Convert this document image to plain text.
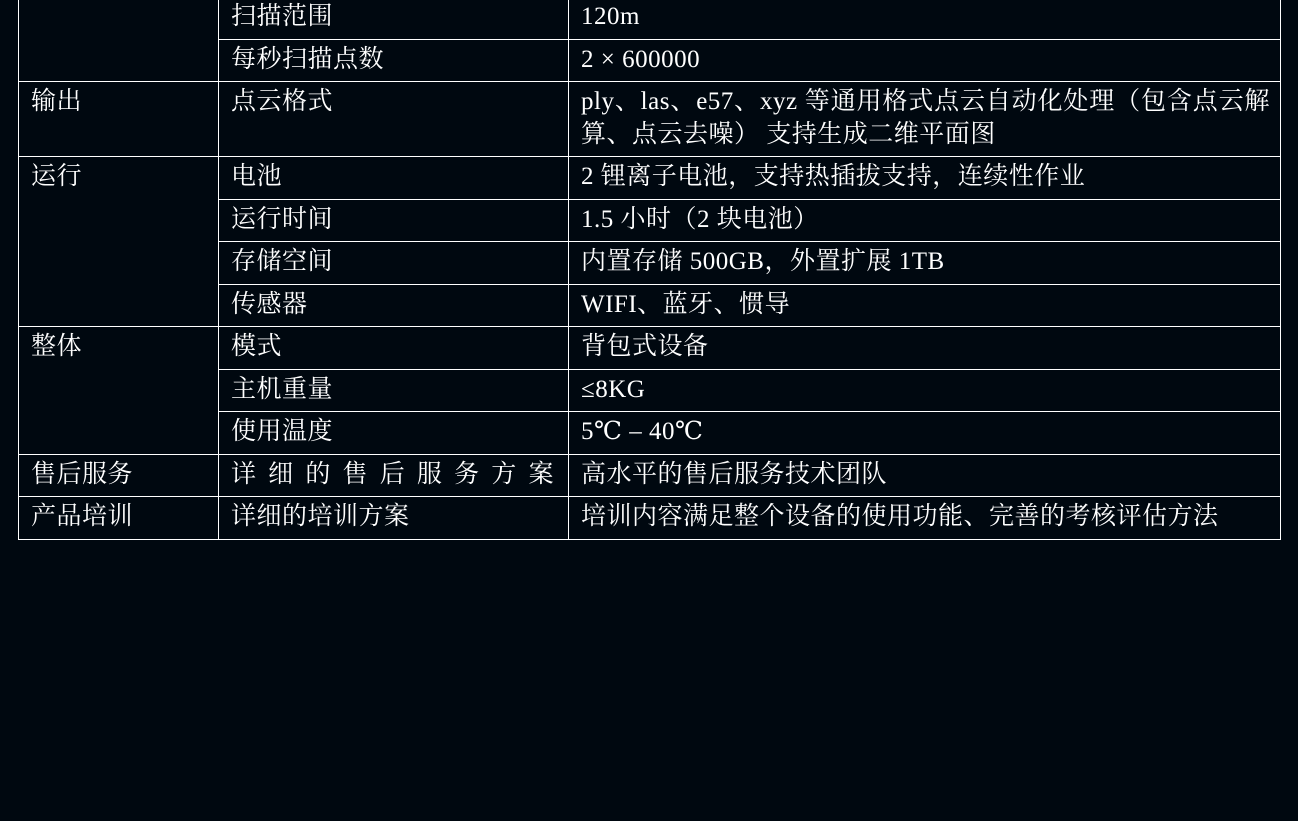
	扫描范围	120m
	每秒扫描点数	2 × 600000
输出	点云格式	ply、las、e57、xyz 等通用格式点云自动化处理（包含点云解算、点云去噪） 支持生成二维平面图
运行	电池	2 锂离子电池，支持热插拔支持，连续性作业
	运行时间	1.5 小时（2 块电池）
	存储空间	内置存储 500GB，外置扩展 1TB
	传感器	WIFI、蓝牙、惯导
整体	模式	背包式设备
	主机重量	≤8KG
	使用温度	5℃ – 40℃
售后服务	详细的售后服务方案	高水平的售后服务技术团队
产品培训	详细的培训方案	培训内容满足整个设备的使用功能、完善的考核评估方法
